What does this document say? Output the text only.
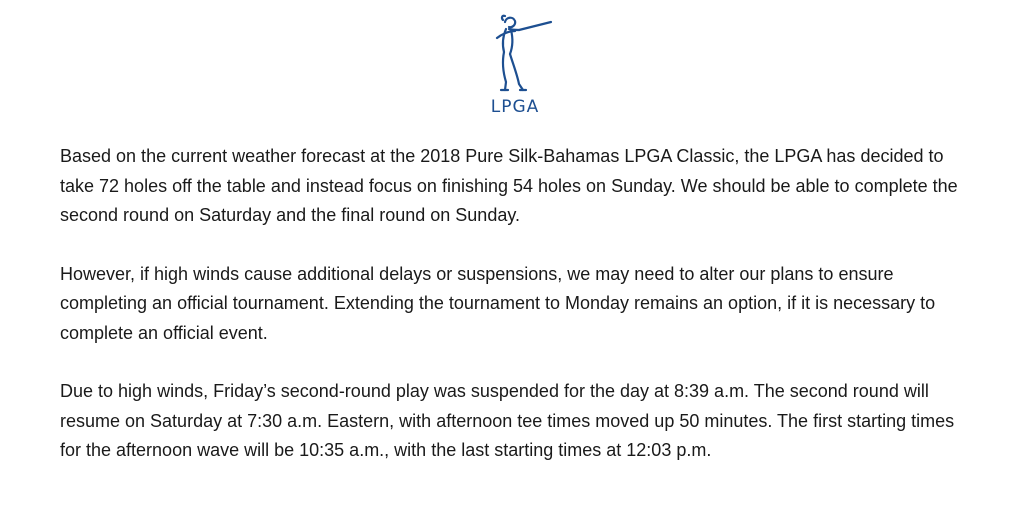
LPGA

Based on the current weather forecast at the 2018 Pure Silk-Bahamas LPGA Classic, the LPGA has decided to take 72 holes off the table and instead focus on finishing 54 holes on Sunday. We should be able to complete the second round on Saturday and the final round on Sunday.

However, if high winds cause additional delays or suspensions, we may need to alter our plans to ensure completing an official tournament. Extending the tournament to Monday remains an option, if it is necessary to complete an official event.

Due to high winds, Friday’s second-round play was suspended for the day at 8:39 a.m. The second round will resume on Saturday at 7:30 a.m. Eastern, with afternoon tee times moved up 50 minutes. The first starting times for the afternoon wave will be 10:35 a.m., with the last starting times at 12:03 p.m.
